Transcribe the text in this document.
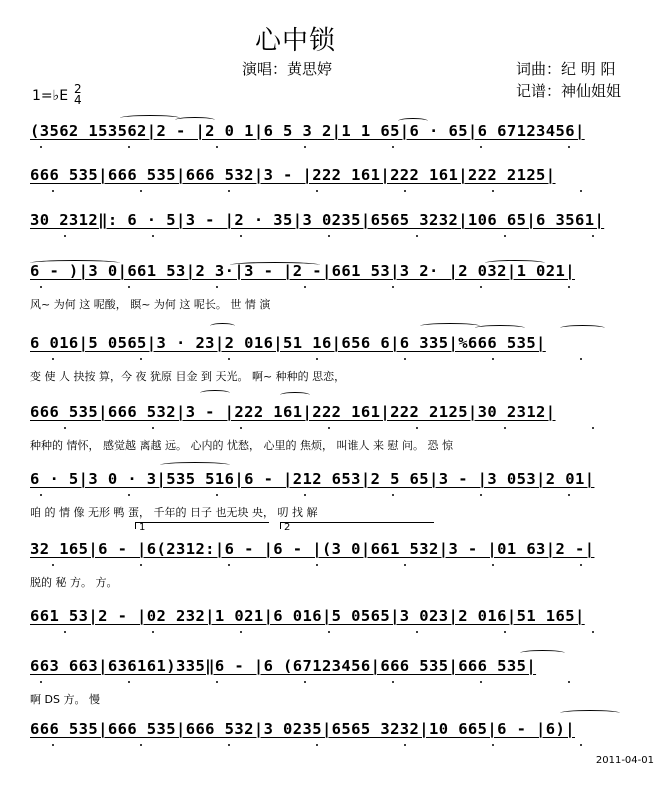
心中锁
演唱：黄思婷	词曲：纪 明 阳
记谱：神仙姐姐
1=♭E 2
4
(3562 153562|2 - |2 0 1|6 5 3 2|1 1 65|6 · 65|6 67123456|
666 535|666 535|666 532|3 - |222 161|222 161|222 2125|
30 2312‖: 6 · 5|3 - |2 · 35|3 0235|6565 3232|106 65|6 3561|
6 - )|3 0|661 53|2 3·|3 - |2 -|661 53|3 2· |2 032|1 021|
6 016|5 0565|3 · 23|2 016|51 16|656 6|6 335|%666 535|
666 535|666 532|3 - |222 161|222 161|222 2125|30 2312|
6 · 5|3 0 · 3|535 516|6 - |212 653|2 5 65|3 - |3 053|2 01|
32 165|6 - |6(2312:|6 - |6 - |(3 0|661 532|3 - |01 63|2 -|
661 53|2 - |02 232|1 021|6 016|5 0565|3 023|2 016|51 165|
663 663|636161)335‖6 - |6 (67123456|666 535|666 535|
666 535|666 535|666 532|3 0235|6565 3232|10 665|6 - |6)|
风~ 为何 这 呢酸， 瞑~ 为何 这 呢长。 世 情 演
变 使 人 抉按 算，今 夜 犹原 目金 到 天光。 啊~ 种种的 思恋，
种种的 情怀， 感觉越 离越 远。 心内的 忧愁， 心里的 焦烦， 叫谁人 来 慰 问。 恐 惊
咱 的 情 像 无形 鸭 蛋， 千年的 日子 也无块 央， 叨 找 解
脱的 秘 方。 方。
啊 DS 方。 慢
1	2
2011-04-01
